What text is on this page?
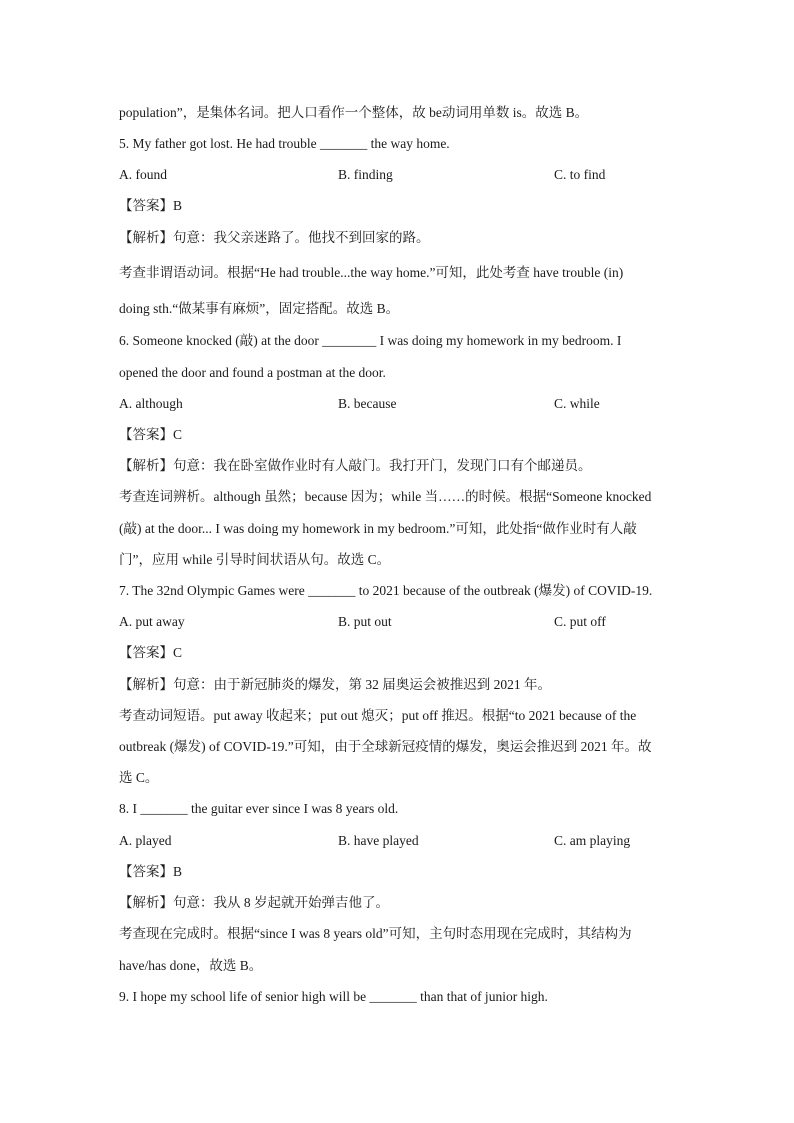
population”，是集体名词。把人口看作一个整体，故 be动词用单数 is。故选 B。
5. My father got lost. He had trouble _______ the way home.
A. found	B. finding	C. to find
【答案】B
【解析】句意：我父亲迷路了。他找不到回家的路。
考查非谓语动词。根据“He had trouble...the way home.”可知，此处考查 have trouble (in)
doing sth.“做某事有麻烦”，固定搭配。故选 B。
6. Someone knocked (敲) at the door ________ I was doing my homework in my bedroom. I
opened the door and found a postman at the door.
A. although	B. because	C. while
【答案】C
【解析】句意：我在卧室做作业时有人敲门。我打开门，发现门口有个邮递员。
考查连词辨析。although 虽然；because 因为；while 当……的时候。根据“Someone knocked
(敲) at the door... I was doing my homework in my bedroom.”可知，此处指“做作业时有人敲
门”，应用 while 引导时间状语从句。故选 C。
7. The 32nd Olympic Games were _______ to 2021 because of the outbreak (爆发) of COVID-19.
A. put away	B. put out	C. put off
【答案】C
【解析】句意：由于新冠肺炎的爆发，第 32 届奥运会被推迟到 2021 年。
考查动词短语。put away 收起来；put out 熄灭；put off 推迟。根据“to 2021 because of the
outbreak (爆发) of COVID-19.”可知，由于全球新冠疫情的爆发，奥运会推迟到 2021 年。故
选 C。
8. I _______ the guitar ever since I was 8 years old.
A. played	B. have played	C. am playing
【答案】B
【解析】句意：我从 8 岁起就开始弹吉他了。
考查现在完成时。根据“since I was 8 years old”可知，主句时态用现在完成时，其结构为
have/has done，故选 B。
9. I hope my school life of senior high will be _______ than that of junior high.
